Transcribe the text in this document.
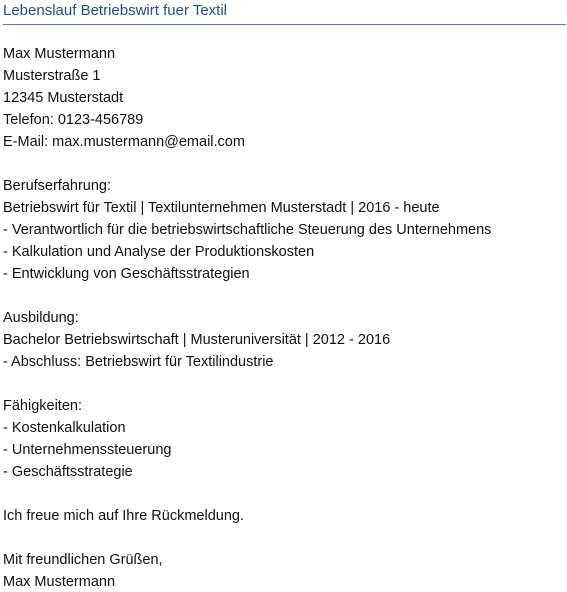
Lebenslauf Betriebswirt fuer Textil
Max Mustermann
Musterstraße 1
12345 Musterstadt
Telefon: 0123-456789
E-Mail: max.mustermann@email.com
Berufserfahrung:
Betriebswirt für Textil | Textilunternehmen Musterstadt | 2016 - heute
- Verantwortlich für die betriebswirtschaftliche Steuerung des Unternehmens
- Kalkulation und Analyse der Produktionskosten
- Entwicklung von Geschäftsstrategien
Ausbildung:
Bachelor Betriebswirtschaft | Musteruniversität | 2012 - 2016
- Abschluss: Betriebswirt für Textilindustrie
Fähigkeiten:
- Kostenkalkulation
- Unternehmenssteuerung
- Geschäftsstrategie
Ich freue mich auf Ihre Rückmeldung.
Mit freundlichen Grüßen,
Max Mustermann
